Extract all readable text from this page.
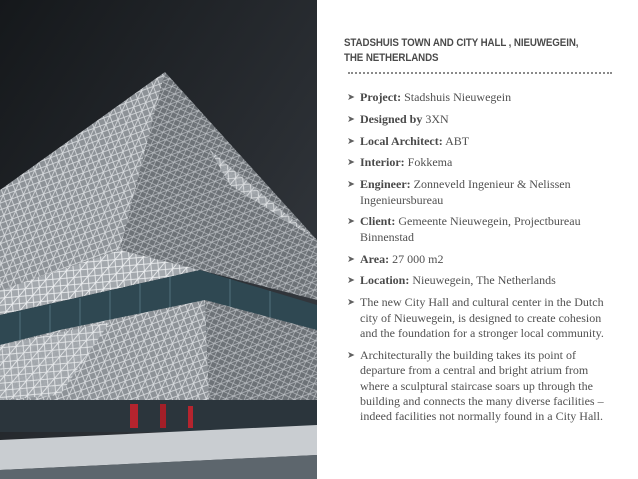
STADSHUIS TOWN AND CITY HALL , NIEUWEGEIN, THE NETHERLANDS
➤ Project: Stadshuis Nieuwegein
➤ Designed by 3XN
➤ Local Architect: ABT
➤ Interior: Fokkema
➤ Engineer: Zonneveld Ingenieur & Nelissen Ingenieursbureau
➤ Client: Gemeente Nieuwegein, Projectbureau Binnenstad
➤ Area: 27 000 m2
➤ Location: Nieuwegein, The Netherlands
➤ The new City Hall and cultural center in the Dutch city of Nieuwegein, is designed to create cohesion and the foundation for a stronger local community.
➤ Architecturally the building takes its point of departure from a central and bright atrium from where a sculptural staircase soars up through the building and connects the many diverse facilities – indeed facilities not normally found in a City Hall.
